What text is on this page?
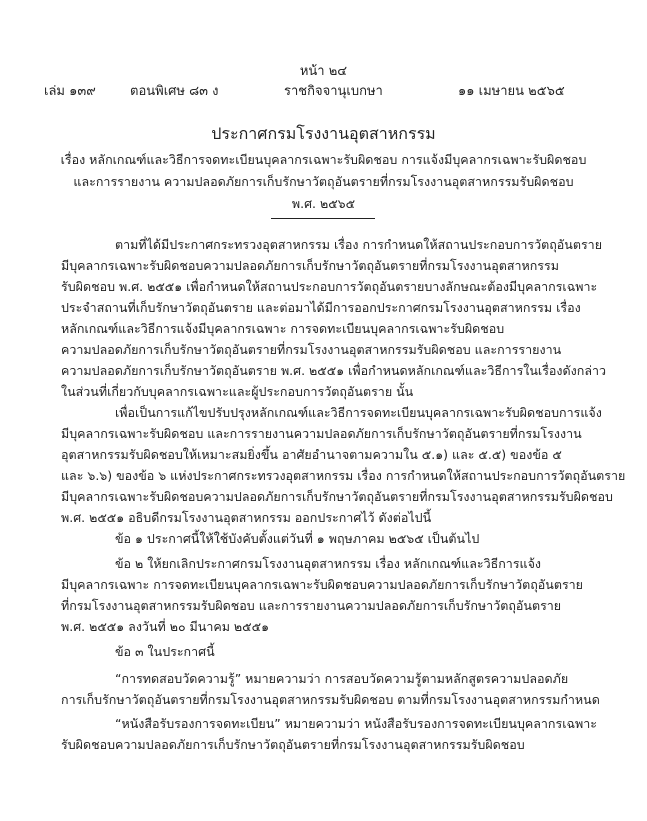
หน้า ๒๔
เล่ม ๑๓๙	ตอนพิเศษ ๘๓ ง	ราชกิจจานุเบกษา	๑๑ เมษายน ๒๕๖๕
ประกาศกรมโรงงานอุตสาหกรรม
เรื่อง หลักเกณฑ์และวิธีการจดทะเบียนบุคลากรเฉพาะรับผิดชอบ การแจ้งมีบุคลากรเฉพาะรับผิดชอบ
และการรายงาน ความปลอดภัยการเก็บรักษาวัตถุอันตรายที่กรมโรงงานอุตสาหกรรมรับผิดชอบ
พ.ศ. ๒๕๖๕
ตามที่ได้มีประกาศกระทรวงอุตสาหกรรม เรื่อง การกำหนดให้สถานประกอบการวัตถุอันตราย
มีบุคลากรเฉพาะรับผิดชอบความปลอดภัยการเก็บรักษาวัตถุอันตรายที่กรมโรงงานอุตสาหกรรม
รับผิดชอบ พ.ศ. ๒๕๕๑ เพื่อกำหนดให้สถานประกอบการวัตถุอันตรายบางลักษณะต้องมีบุคลากรเฉพาะ
ประจำสถานที่เก็บรักษาวัตถุอันตราย และต่อมาได้มีการออกประกาศกรมโรงงานอุตสาหกรรม เรื่อง
หลักเกณฑ์และวิธีการแจ้งมีบุคลากรเฉพาะ การจดทะเบียนบุคลากรเฉพาะรับผิดชอบ
ความปลอดภัยการเก็บรักษาวัตถุอันตรายที่กรมโรงงานอุตสาหกรรมรับผิดชอบ และการรายงาน
ความปลอดภัยการเก็บรักษาวัตถุอันตราย พ.ศ. ๒๕๕๑ เพื่อกำหนดหลักเกณฑ์และวิธีการในเรื่องดังกล่าว
ในส่วนที่เกี่ยวกับบุคลากรเฉพาะและผู้ประกอบการวัตถุอันตราย นั้น
เพื่อเป็นการแก้ไขปรับปรุงหลักเกณฑ์และวิธีการจดทะเบียนบุคลากรเฉพาะรับผิดชอบการแจ้ง
มีบุคลากรเฉพาะรับผิดชอบ และการรายงานความปลอดภัยการเก็บรักษาวัตถุอันตรายที่กรมโรงงาน
อุตสาหกรรมรับผิดชอบให้เหมาะสมยิ่งขึ้น อาศัยอำนาจตามความใน ๕.๑) และ ๕.๕) ของข้อ ๕
และ ๖.๖) ของข้อ ๖ แห่งประกาศกระทรวงอุตสาหกรรม เรื่อง การกำหนดให้สถานประกอบการวัตถุอันตราย
มีบุคลากรเฉพาะรับผิดชอบความปลอดภัยการเก็บรักษาวัตถุอันตรายที่กรมโรงงานอุตสาหกรรมรับผิดชอบ
พ.ศ. ๒๕๕๑ อธิบดีกรมโรงงานอุตสาหกรรม ออกประกาศไว้ ดังต่อไปนี้
ข้อ ๑ ประกาศนี้ให้ใช้บังคับตั้งแต่วันที่ ๑ พฤษภาคม ๒๕๖๕ เป็นต้นไป
ข้อ ๒ ให้ยกเลิกประกาศกรมโรงงานอุตสาหกรรม เรื่อง หลักเกณฑ์และวิธีการแจ้ง
มีบุคลากรเฉพาะ การจดทะเบียนบุคลากรเฉพาะรับผิดชอบความปลอดภัยการเก็บรักษาวัตถุอันตราย
ที่กรมโรงงานอุตสาหกรรมรับผิดชอบ และการรายงานความปลอดภัยการเก็บรักษาวัตถุอันตราย
พ.ศ. ๒๕๕๑ ลงวันที่ ๒๐ มีนาคม ๒๕๕๑
ข้อ ๓ ในประกาศนี้
“การทดสอบวัดความรู้” หมายความว่า การสอบวัดความรู้ตามหลักสูตรความปลอดภัย
การเก็บรักษาวัตถุอันตรายที่กรมโรงงานอุตสาหกรรมรับผิดชอบ ตามที่กรมโรงงานอุตสาหกรรมกำหนด
“หนังสือรับรองการจดทะเบียน” หมายความว่า หนังสือรับรองการจดทะเบียนบุคลากรเฉพาะ
รับผิดชอบความปลอดภัยการเก็บรักษาวัตถุอันตรายที่กรมโรงงานอุตสาหกรรมรับผิดชอบ
